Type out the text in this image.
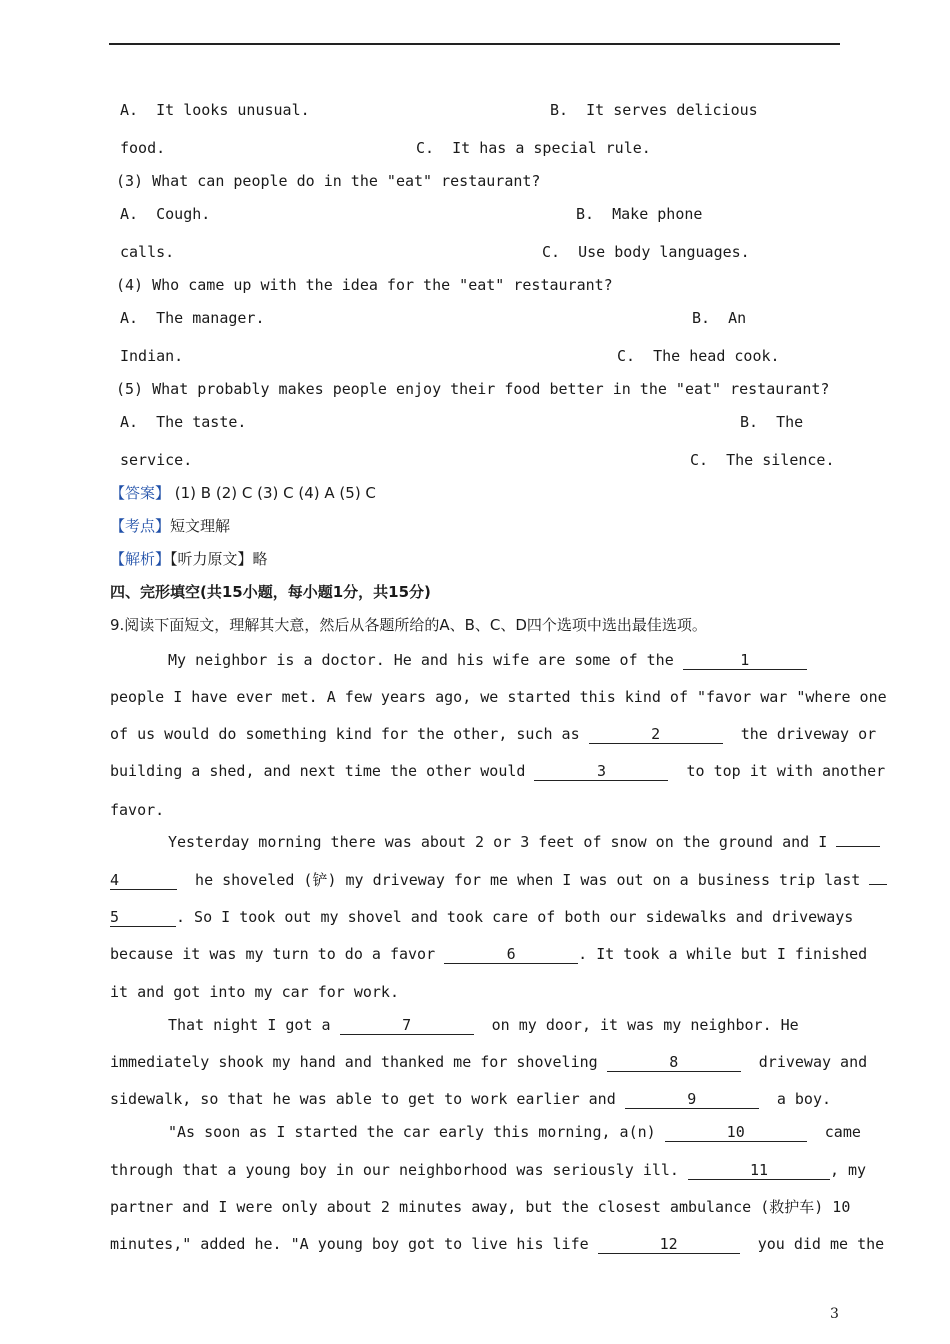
A.  It looks unusual.	B.  It serves delicious
food.	C.  It has a special rule.
(3) What can people do in the "eat" restaurant?
A.  Cough.	B.  Make phone
calls.	C.  Use body languages.
(4) Who came up with the idea for the "eat" restaurant?
A.  The manager.	B.  An
Indian.	C.  The head cook.
(5) What probably makes people enjoy their food better in the "eat" restaurant?
A.  The taste.	B.  The
service.	C.  The silence.
【答案】 (1) B (2) C (3) C (4) A (5) C
【考点】短文理解
【解析】【听力原文】略
四、完形填空(共15小题，每小题1分，共15分)
9.阅读下面短文，理解其大意，然后从各题所给的A、B、C、D四个选项中选出最佳选项。
My neighbor is a doctor. He and his wife are some of the	1
people I have ever met. A few years ago, we started this kind of "favor war "where one
of us would do something kind for the other, such as	2	the driveway or
building a shed, and next time the other would	3	to top it with another
favor.
Yesterday morning there was about 2 or 3 feet of snow on the ground and I
4	he shoveled (铲) my driveway for me when I was out on a business trip last
5	. So I took out my shovel and took care of both our sidewalks and driveways
because it was my turn to do a favor	6	. It took a while but I finished
it and got into my car for work.
That night I got a	7	on my door, it was my neighbor. He
immediately shook my hand and thanked me for shoveling	8	driveway and
sidewalk, so that he was able to get to work earlier and	9	a boy.
"As soon as I started the car early this morning, a(n)	10	came
through that a young boy in our neighborhood was seriously ill.	11	, my
partner and I were only about 2 minutes away, but the closest ambulance (救护车) 10
minutes," added he. "A young boy got to live his life	12	you did me the
3
